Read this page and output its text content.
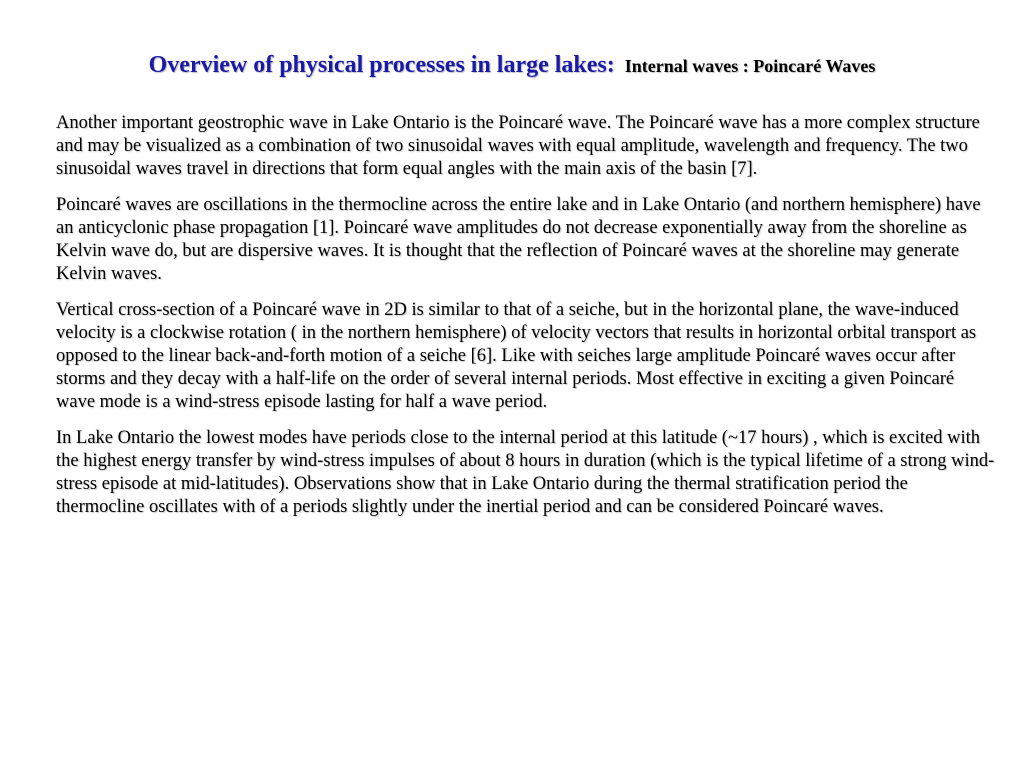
Overview of physical processes in large lakes: Internal waves : Poincaré Waves

Another important geostrophic wave in Lake Ontario is the Poincaré wave. The Poincaré wave has a more complex structure and may be visualized as a combination of two sinusoidal waves with equal amplitude, wavelength and frequency. The two sinusoidal waves travel in directions that form equal angles with the main axis of the basin [7].

Poincaré waves are oscillations in the thermocline across the entire lake and in Lake Ontario (and northern hemisphere) have an anticyclonic phase propagation [1]. Poincaré wave amplitudes do not decrease exponentially away from the shoreline as Kelvin wave do, but are dispersive waves. It is thought that the reflection of Poincaré waves at the shoreline may generate Kelvin waves.

Vertical cross-section of a Poincaré wave in 2D is similar to that of a seiche, but in the horizontal plane, the wave-induced velocity is a clockwise rotation ( in the northern hemisphere) of velocity vectors that results in horizontal orbital transport as opposed to the linear back-and-forth motion of a seiche [6]. Like with seiches large amplitude Poincaré waves occur after storms and they decay with a half-life on the order of several internal periods. Most effective in exciting a given Poincaré wave mode is a wind-stress episode lasting for half a wave period.

In Lake Ontario the lowest modes have periods close to the internal period at this latitude (~17 hours) , which is excited with the highest energy transfer by wind-stress impulses of about 8 hours in duration (which is the typical lifetime of a strong wind-stress episode at mid-latitudes). Observations show that in Lake Ontario during the thermal stratification period the thermocline oscillates with of a periods slightly under the inertial period and can be considered Poincaré waves.
